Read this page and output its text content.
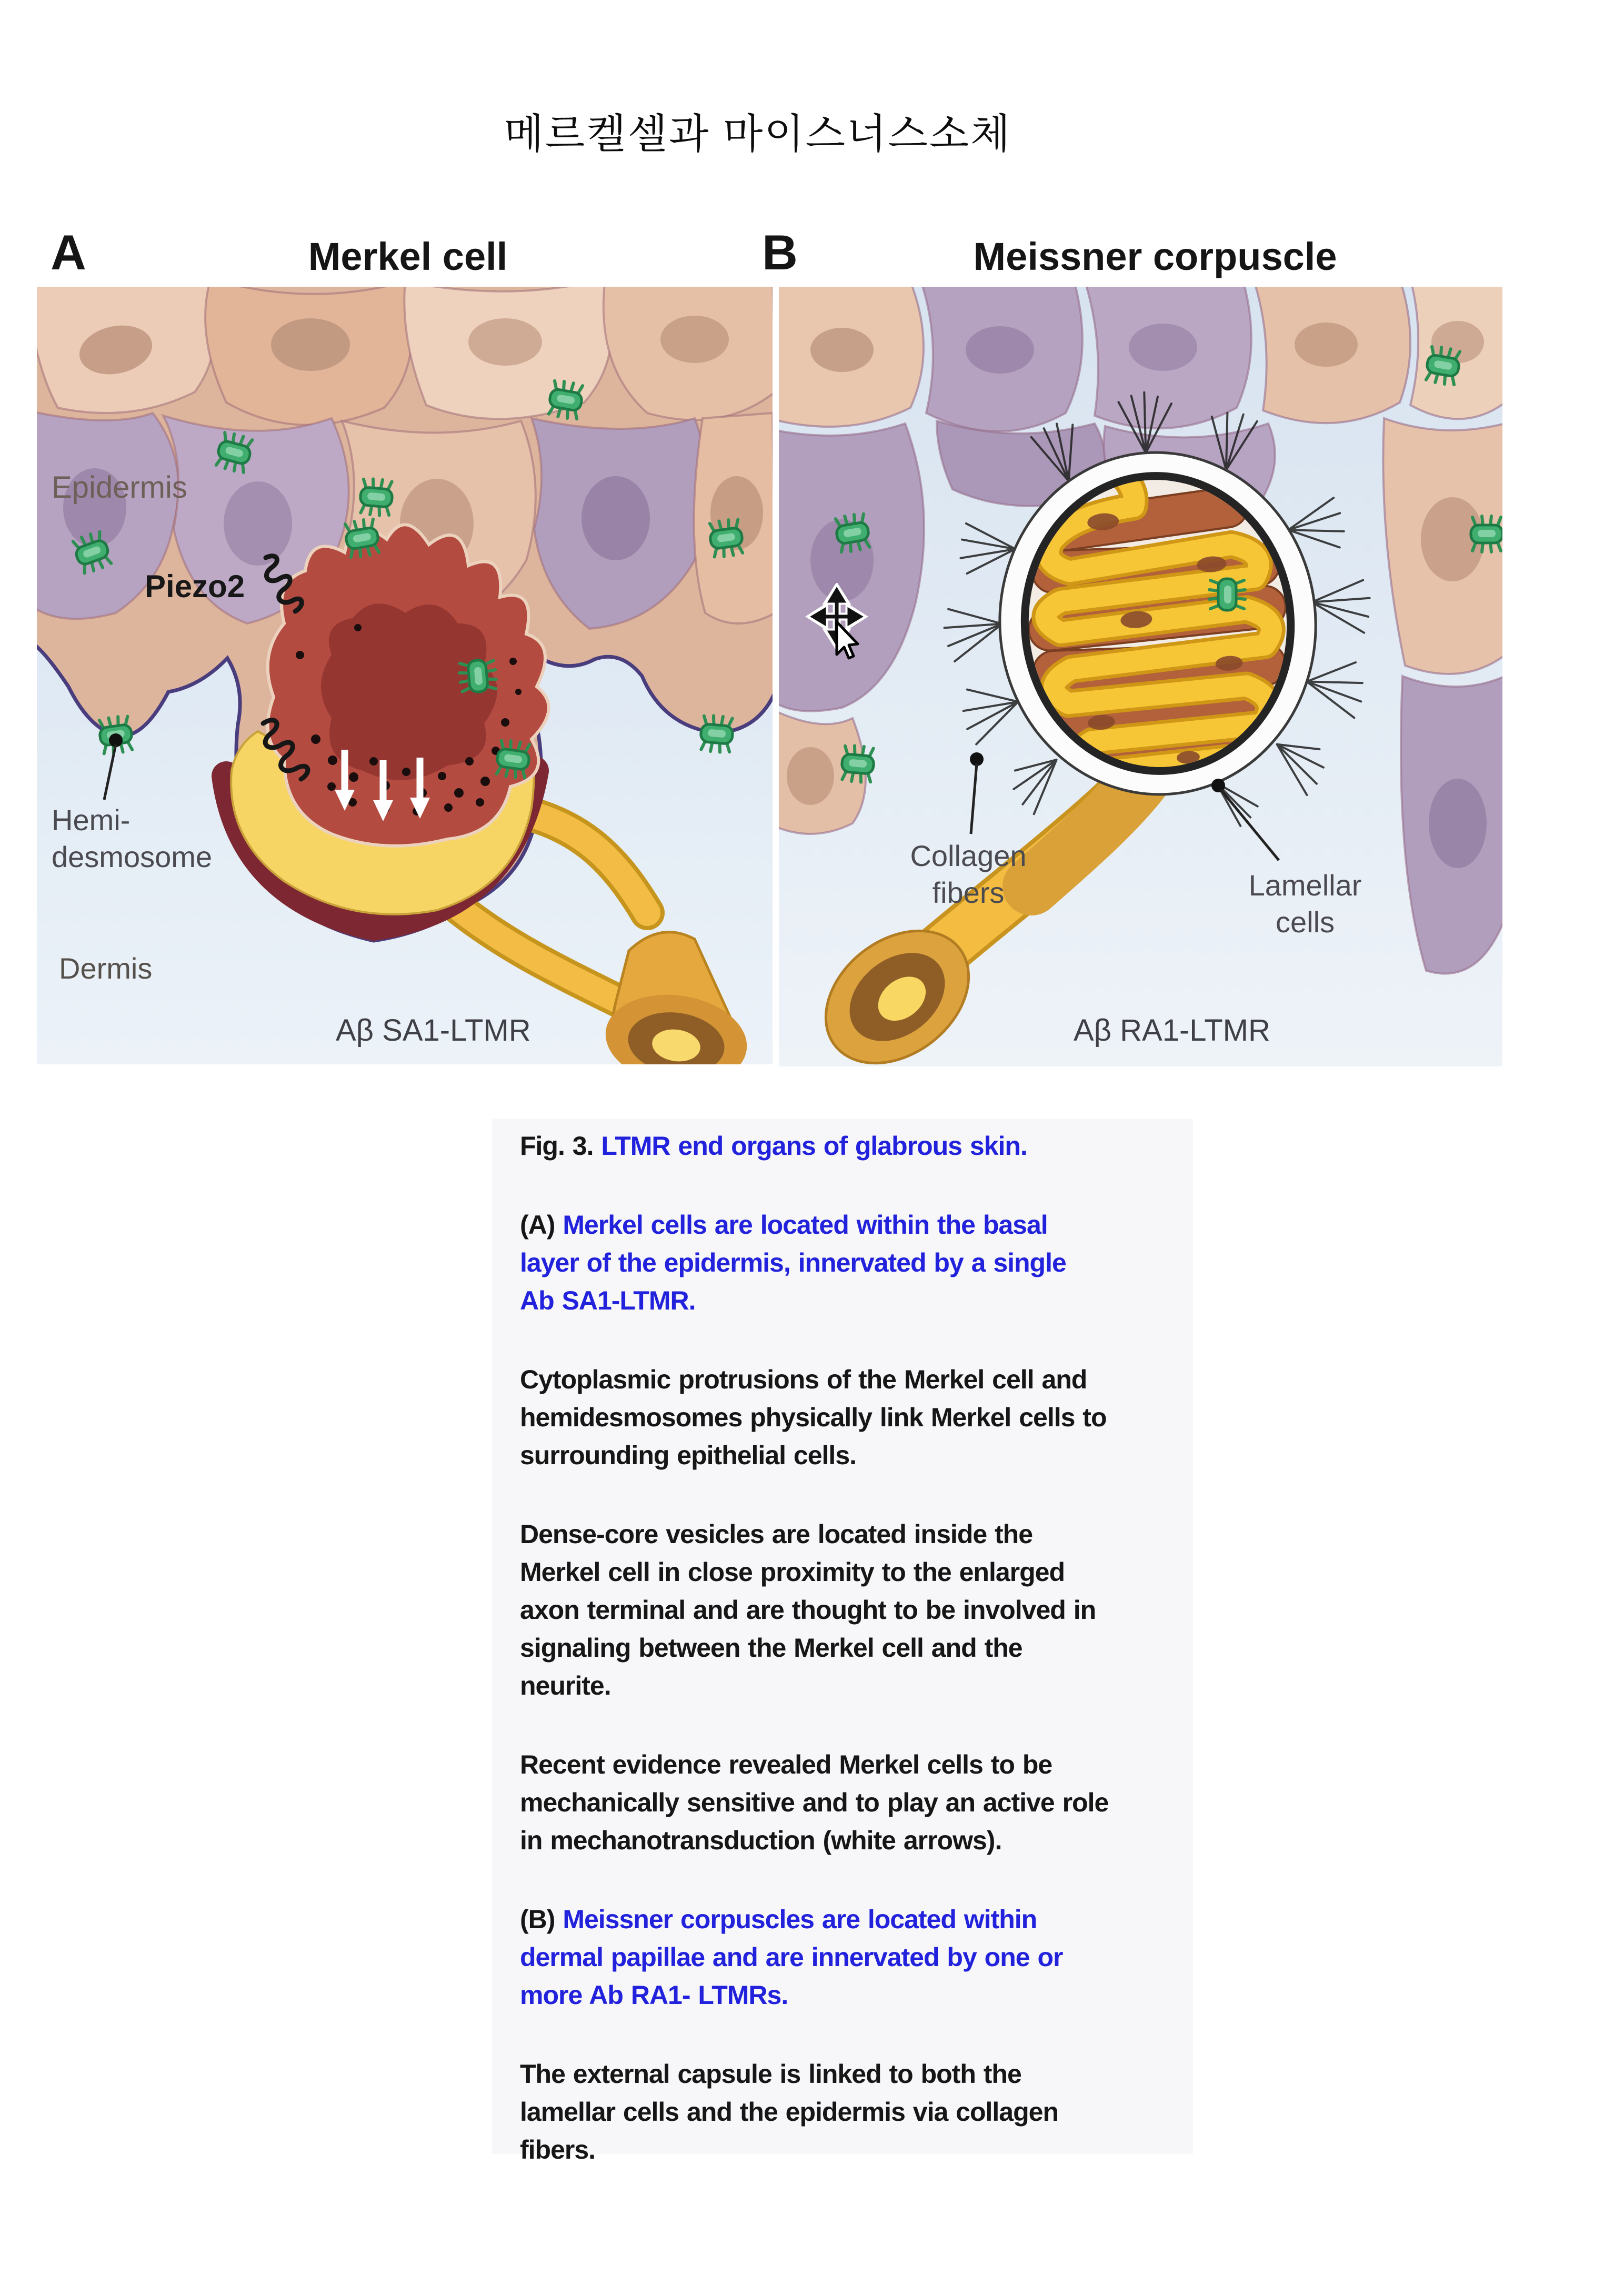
메르켈셀과 마이스너스소체
A	Merkel cell	B	Meissner corpuscle
Epidermis
Piezo2
Hemi-
desmosome
Dermis
Aβ SA1-LTMR
Collagen
fibers	Lamellar
cells
Aβ RA1-LTMR
Fig. 3. LTMR end organs of glabrous skin.
(A) Merkel cells are located within the basal
layer of the epidermis, innervated by a single
Ab SA1-LTMR.
Cytoplasmic protrusions of the Merkel cell and
hemidesmosomes physically link Merkel cells to
surrounding epithelial cells.
Dense-core vesicles are located inside the
Merkel cell in close proximity to the enlarged
axon terminal and are thought to be involved in
signaling between the Merkel cell and the
neurite.
Recent evidence revealed Merkel cells to be
mechanically sensitive and to play an active role
in mechanotransduction (white arrows).
(B) Meissner corpuscles are located within
dermal papillae and are innervated by one or
more Ab RA1- LTMRs.
The external capsule is linked to both the
lamellar cells and the epidermis via collagen
fibers.
